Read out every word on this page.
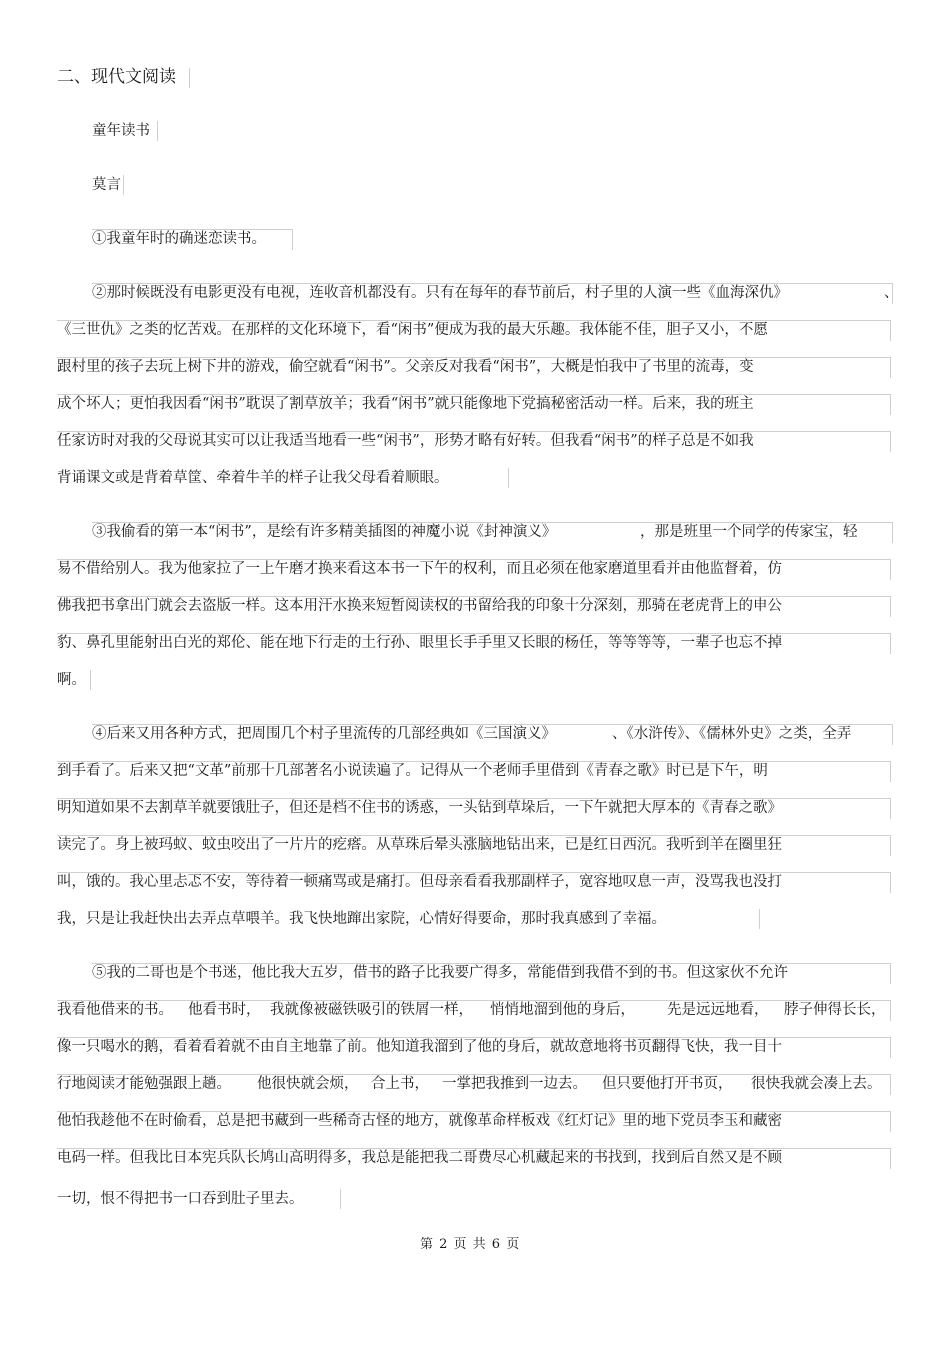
二、现代文阅读
童年读书
莫言
①我童年时的确迷恋读书。
②那时候既没有电影更没有电视，连收音机都没有。只有在每年的春节前后，村子里的人演一些《血海深仇》	、
《三世仇》之类的忆苦戏。在那样的文化环境下，看“闲书”便成为我的最大乐趣。我体能不佳，胆子又小，不愿
跟村里的孩子去玩上树下井的游戏，偷空就看“闲书”。父亲反对我看“闲书”，大概是怕我中了书里的流毒，变
成个坏人；更怕我因看“闲书”耽误了割草放羊；我看“闲书”就只能像地下党搞秘密活动一样。后来，我的班主
任家访时对我的父母说其实可以让我适当地看一些“闲书”，形势才略有好转。但我看“闲书”的样子总是不如我
背诵课文或是背着草筐、牵着牛羊的样子让我父母看着顺眼。
③我偷看的第一本“闲书”，是绘有许多精美插图的神魔小说《封神演义》	，那是班里一个同学的传家宝，轻
易不借给别人。我为他家拉了一上午磨才换来看这本书一下午的权利，而且必须在他家磨道里看并由他监督着，仿
佛我把书拿出门就会去盗版一样。这本用汗水换来短暂阅读权的书留给我的印象十分深刻，那骑在老虎背上的申公
豹、鼻孔里能射出白光的郑伦、能在地下行走的土行孙、眼里长手手里又长眼的杨任，等等等等，一辈子也忘不掉
啊。
④后来又用各种方式，把周围几个村子里流传的几部经典如《三国演义》	、《水浒传》、《儒林外史》之类，全弄
到手看了。后来又把“文革”前那十几部著名小说读遍了。记得从一个老师手里借到《青春之歌》时已是下午，明
明知道如果不去割草羊就要饿肚子，但还是档不住书的诱惑，一头钻到草垛后，一下午就把大厚本的《青春之歌》
读完了。身上被玛蚁、蚊虫咬出了一片片的疙瘩。从草珠后晕头涨脑地钻出来，已是红日西沉。我听到羊在圈里狂
叫，饿的。我心里忐忑不安，等待着一顿痛骂或是痛打。但母亲看看我那副样子，宽容地叹息一声，没骂我也没打
我，只是让我赶快出去弄点草喂羊。我飞快地蹿出家院，心情好得要命，那时我真感到了幸福。
⑤我的二哥也是个书迷，他比我大五岁，借书的路子比我要广得多，常能借到我借不到的书。但这家伙不允许
我看他借来的书。 他看书时， 我就像被磁铁吸引的铁屑一样， 悄悄地溜到他的身后， 先是远远地看， 脖子伸得长长，
像一只喝水的鹅，看着看着就不由自主地靠了前。他知道我溜到了他的身后，就故意地将书页翻得飞快，我一目十
行地阅读才能勉强跟上趟。 他很快就会烦， 合上书， 一掌把我推到一边去。 但只要他打开书页， 很快我就会凑上去。
他怕我趁他不在时偷看，总是把书藏到一些稀奇古怪的地方，就像革命样板戏《红灯记》里的地下党员李玉和藏密
电码一样。但我比日本宪兵队长鸠山高明得多，我总是能把我二哥费尽心机藏起来的书找到，找到后自然又是不顾
一切，恨不得把书一口吞到肚子里去。
第 2 页 共 6 页
